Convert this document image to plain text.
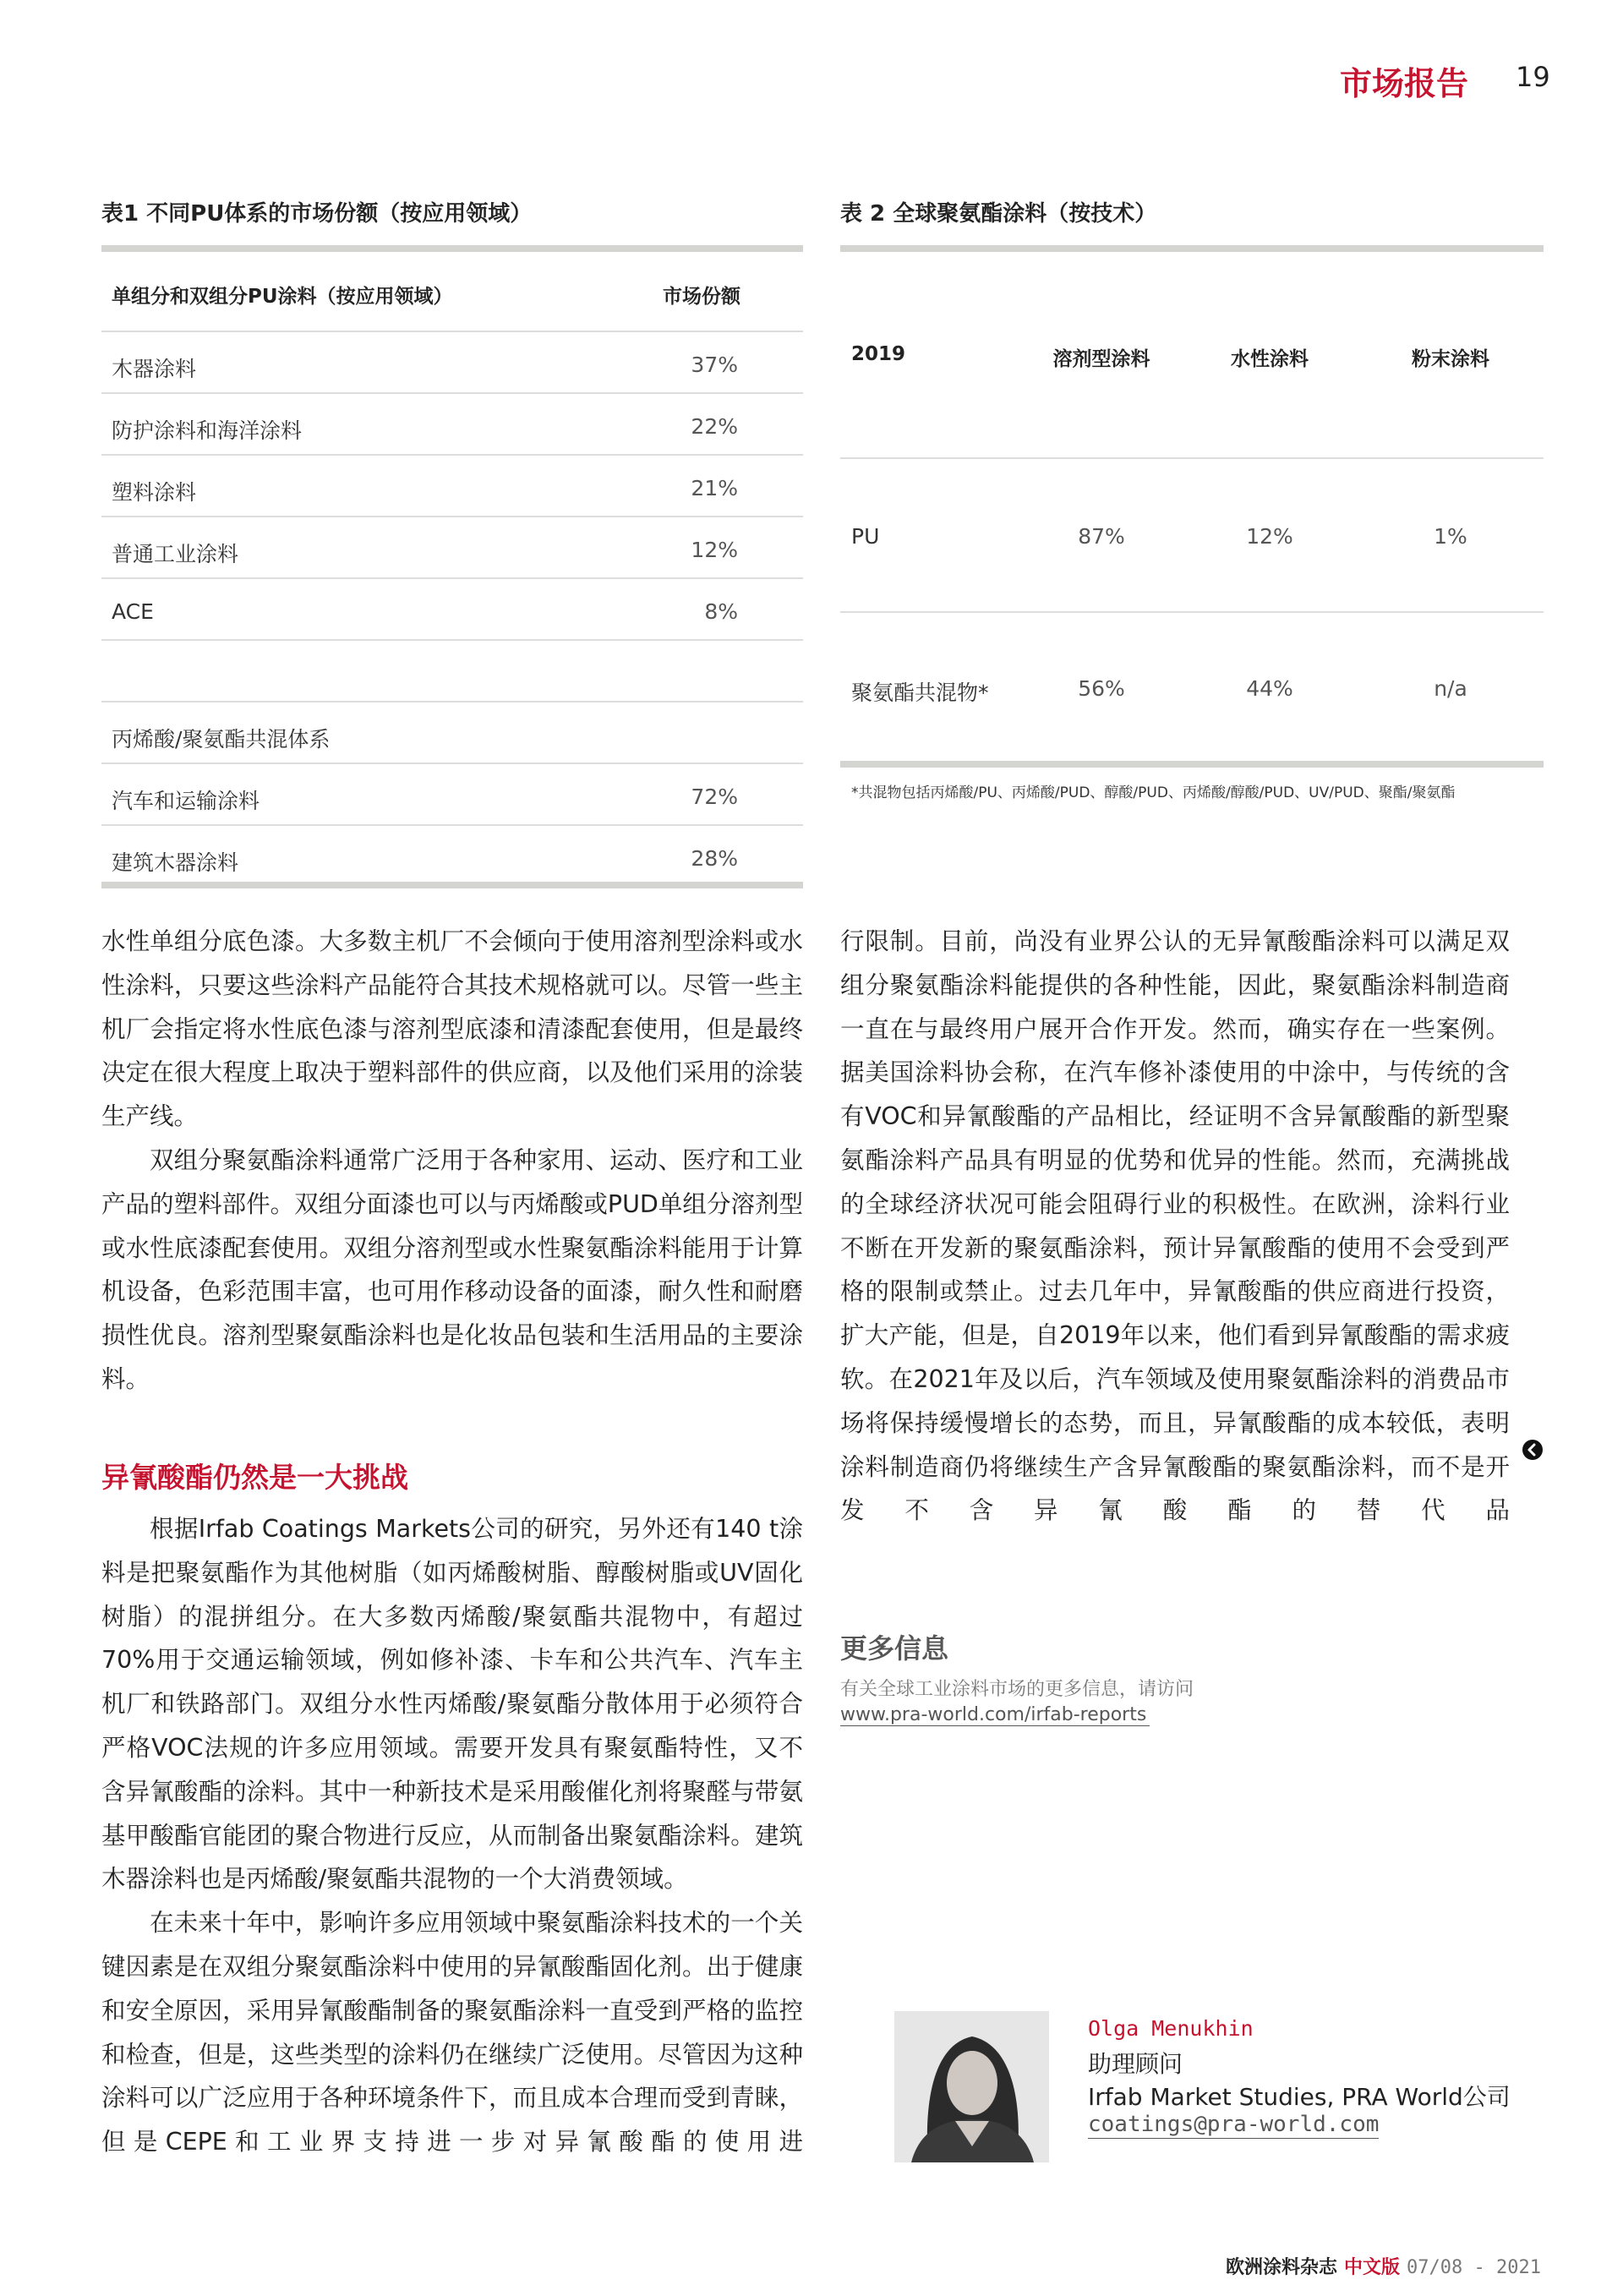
市场报告 19
表1 不同PU体系的市场份额（按应用领域）
单组分和双组分PU涂料（按应用领域）	市场份额
木器涂料	37%
防护涂料和海洋涂料	22%
塑料涂料	21%
普通工业涂料	12%
ACE	8%
丙烯酸/聚氨酯共混体系
汽车和运输涂料	72%
建筑木器涂料	28%
表 2 全球聚氨酯涂料（按技术）
2019	溶剂型涂料	水性涂料	粉末涂料
PU	87%	12%	1%
聚氨酯共混物*	56%	44%	n/a
*共混物包括丙烯酸/PU、丙烯酸/PUD、醇酸/PUD、丙烯酸/醇酸/PUD、UV/PUD、聚酯/聚氨酯

水性单组分底色漆。大多数主机厂不会倾向于使用溶剂型涂料或水性涂料，只要这些涂料产品能符合其技术规格就可以。尽管一些主机厂会指定将水性底色漆与溶剂型底漆和清漆配套使用，但是最终决定在很大程度上取决于塑料部件的供应商，以及他们采用的涂装生产线。

双组分聚氨酯涂料通常广泛用于各种家用、运动、医疗和工业产品的塑料部件。双组分面漆也可以与丙烯酸或PUD单组分溶剂型或水性底漆配套使用。双组分溶剂型或水性聚氨酯涂料能用于计算机设备，色彩范围丰富，也可用作移动设备的面漆，耐久性和耐磨损性优良。溶剂型聚氨酯涂料也是化妆品包装和生活用品的主要涂料。

异氰酸酯仍然是一大挑战

根据Irfab Coatings Markets公司的研究，另外还有140 t涂料是把聚氨酯作为其他树脂（如丙烯酸树脂、醇酸树脂或UV固化树脂）的混拼组分。在大多数丙烯酸/聚氨酯共混物中，有超过70%用于交通运输领域，例如修补漆、卡车和公共汽车、汽车主机厂和铁路部门。双组分水性丙烯酸/聚氨酯分散体用于必须符合严格VOC法规的许多应用领域。需要开发具有聚氨酯特性，又不含异氰酸酯的涂料。其中一种新技术是采用酸催化剂将聚醛与带氨基甲酸酯官能团的聚合物进行反应，从而制备出聚氨酯涂料。建筑木器涂料也是丙烯酸/聚氨酯共混物的一个大消费领域。

在未来十年中，影响许多应用领域中聚氨酯涂料技术的一个关键因素是在双组分聚氨酯涂料中使用的异氰酸酯固化剂。出于健康和安全原因，采用异氰酸酯制备的聚氨酯涂料一直受到严格的监控和检查，但是，这些类型的涂料仍在继续广泛使用。尽管因为这种涂料可以广泛应用于各种环境条件下，而且成本合理而受到青睐，但是CEPE和工业界支持进一步对异氰酸酯的使用进

行限制。目前，尚没有业界公认的无异氰酸酯涂料可以满足双组分聚氨酯涂料能提供的各种性能，因此，聚氨酯涂料制造商一直在与最终用户展开合作开发。然而，确实存在一些案例。据美国涂料协会称，在汽车修补漆使用的中涂中，与传统的含有VOC和异氰酸酯的产品相比，经证明不含异氰酸酯的新型聚氨酯涂料产品具有明显的优势和优异的性能。然而，充满挑战的全球经济状况可能会阻碍行业的积极性。在欧洲，涂料行业不断在开发新的聚氨酯涂料，预计异氰酸酯的使用不会受到严格的限制或禁止。过去几年中，异氰酸酯的供应商进行投资，扩大产能，但是，自2019年以来，他们看到异氰酸酯的需求疲软。在2021年及以后，汽车领域及使用聚氨酯涂料的消费品市场将保持缓慢增长的态势，而且，异氰酸酯的成本较低，表明涂料制造商仍将继续生产含异氰酸酯的聚氨酯涂料，而不是开发不含异氰酸酯的替代品

更多信息
有关全球工业涂料市场的更多信息，请访问
www.pra-world.com/irfab-reports
Olga Menukhin
助理顾问
Irfab Market Studies, PRA World公司
coatings@pra-world.com
欧洲涂料杂志 中文版 07/08 - 2021
